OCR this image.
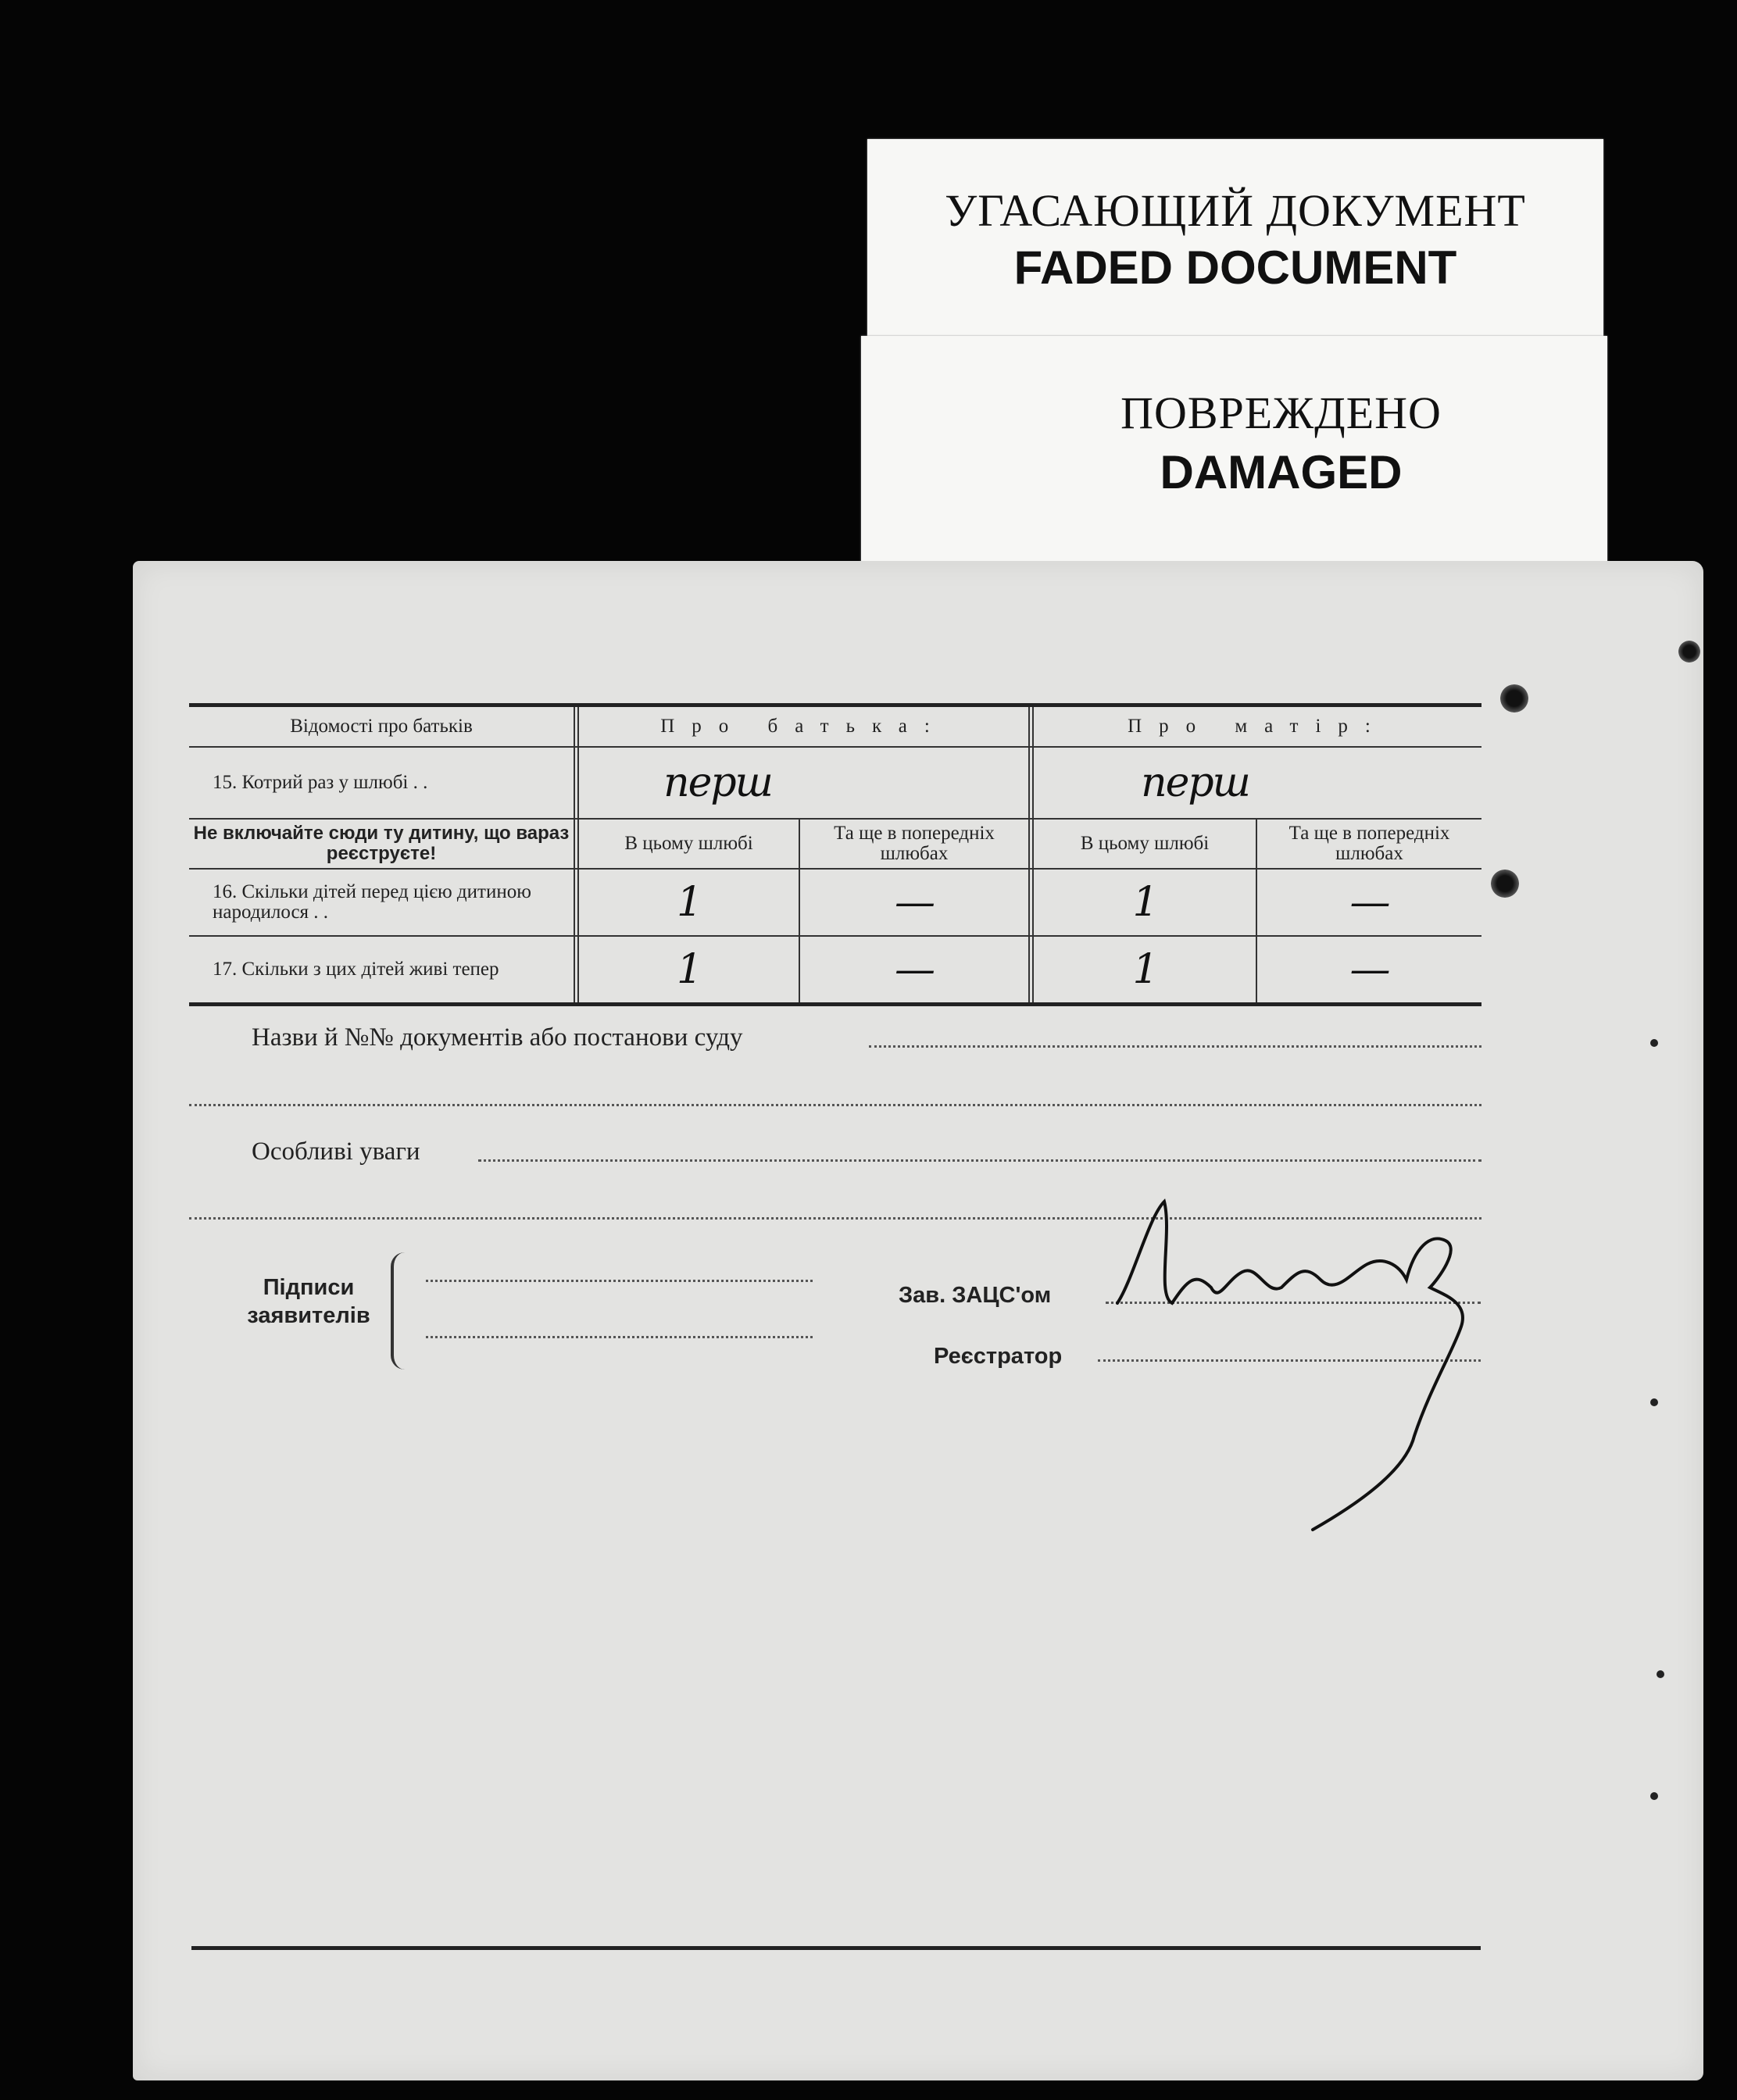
УГАСАЮЩИЙ ДОКУМЕНТ
FADED DOCUMENT
ПОВРЕЖДЕНО
DAMAGED
Відомості про батьків	Про батька:	Про матір:
15. Котрий раз у шлюбі . .	перш	перш
Не включайте сюди ту дитину, що вараз реєструєте!	В цьому шлюбі	Та ще в попередніх шлюбах	В цьому шлюбі	Та ще в попередніх шлюбах
16. Скільки дітей перед цією дитиною народилося . .	1	—	1	—
17. Скільки з цих дітей живі тепер	1	—	1	—
Назви й №№ документів або постанови суду
Особливі уваги
Підписи заявителів
Зав. ЗАЦС'ом
Реєстратор
